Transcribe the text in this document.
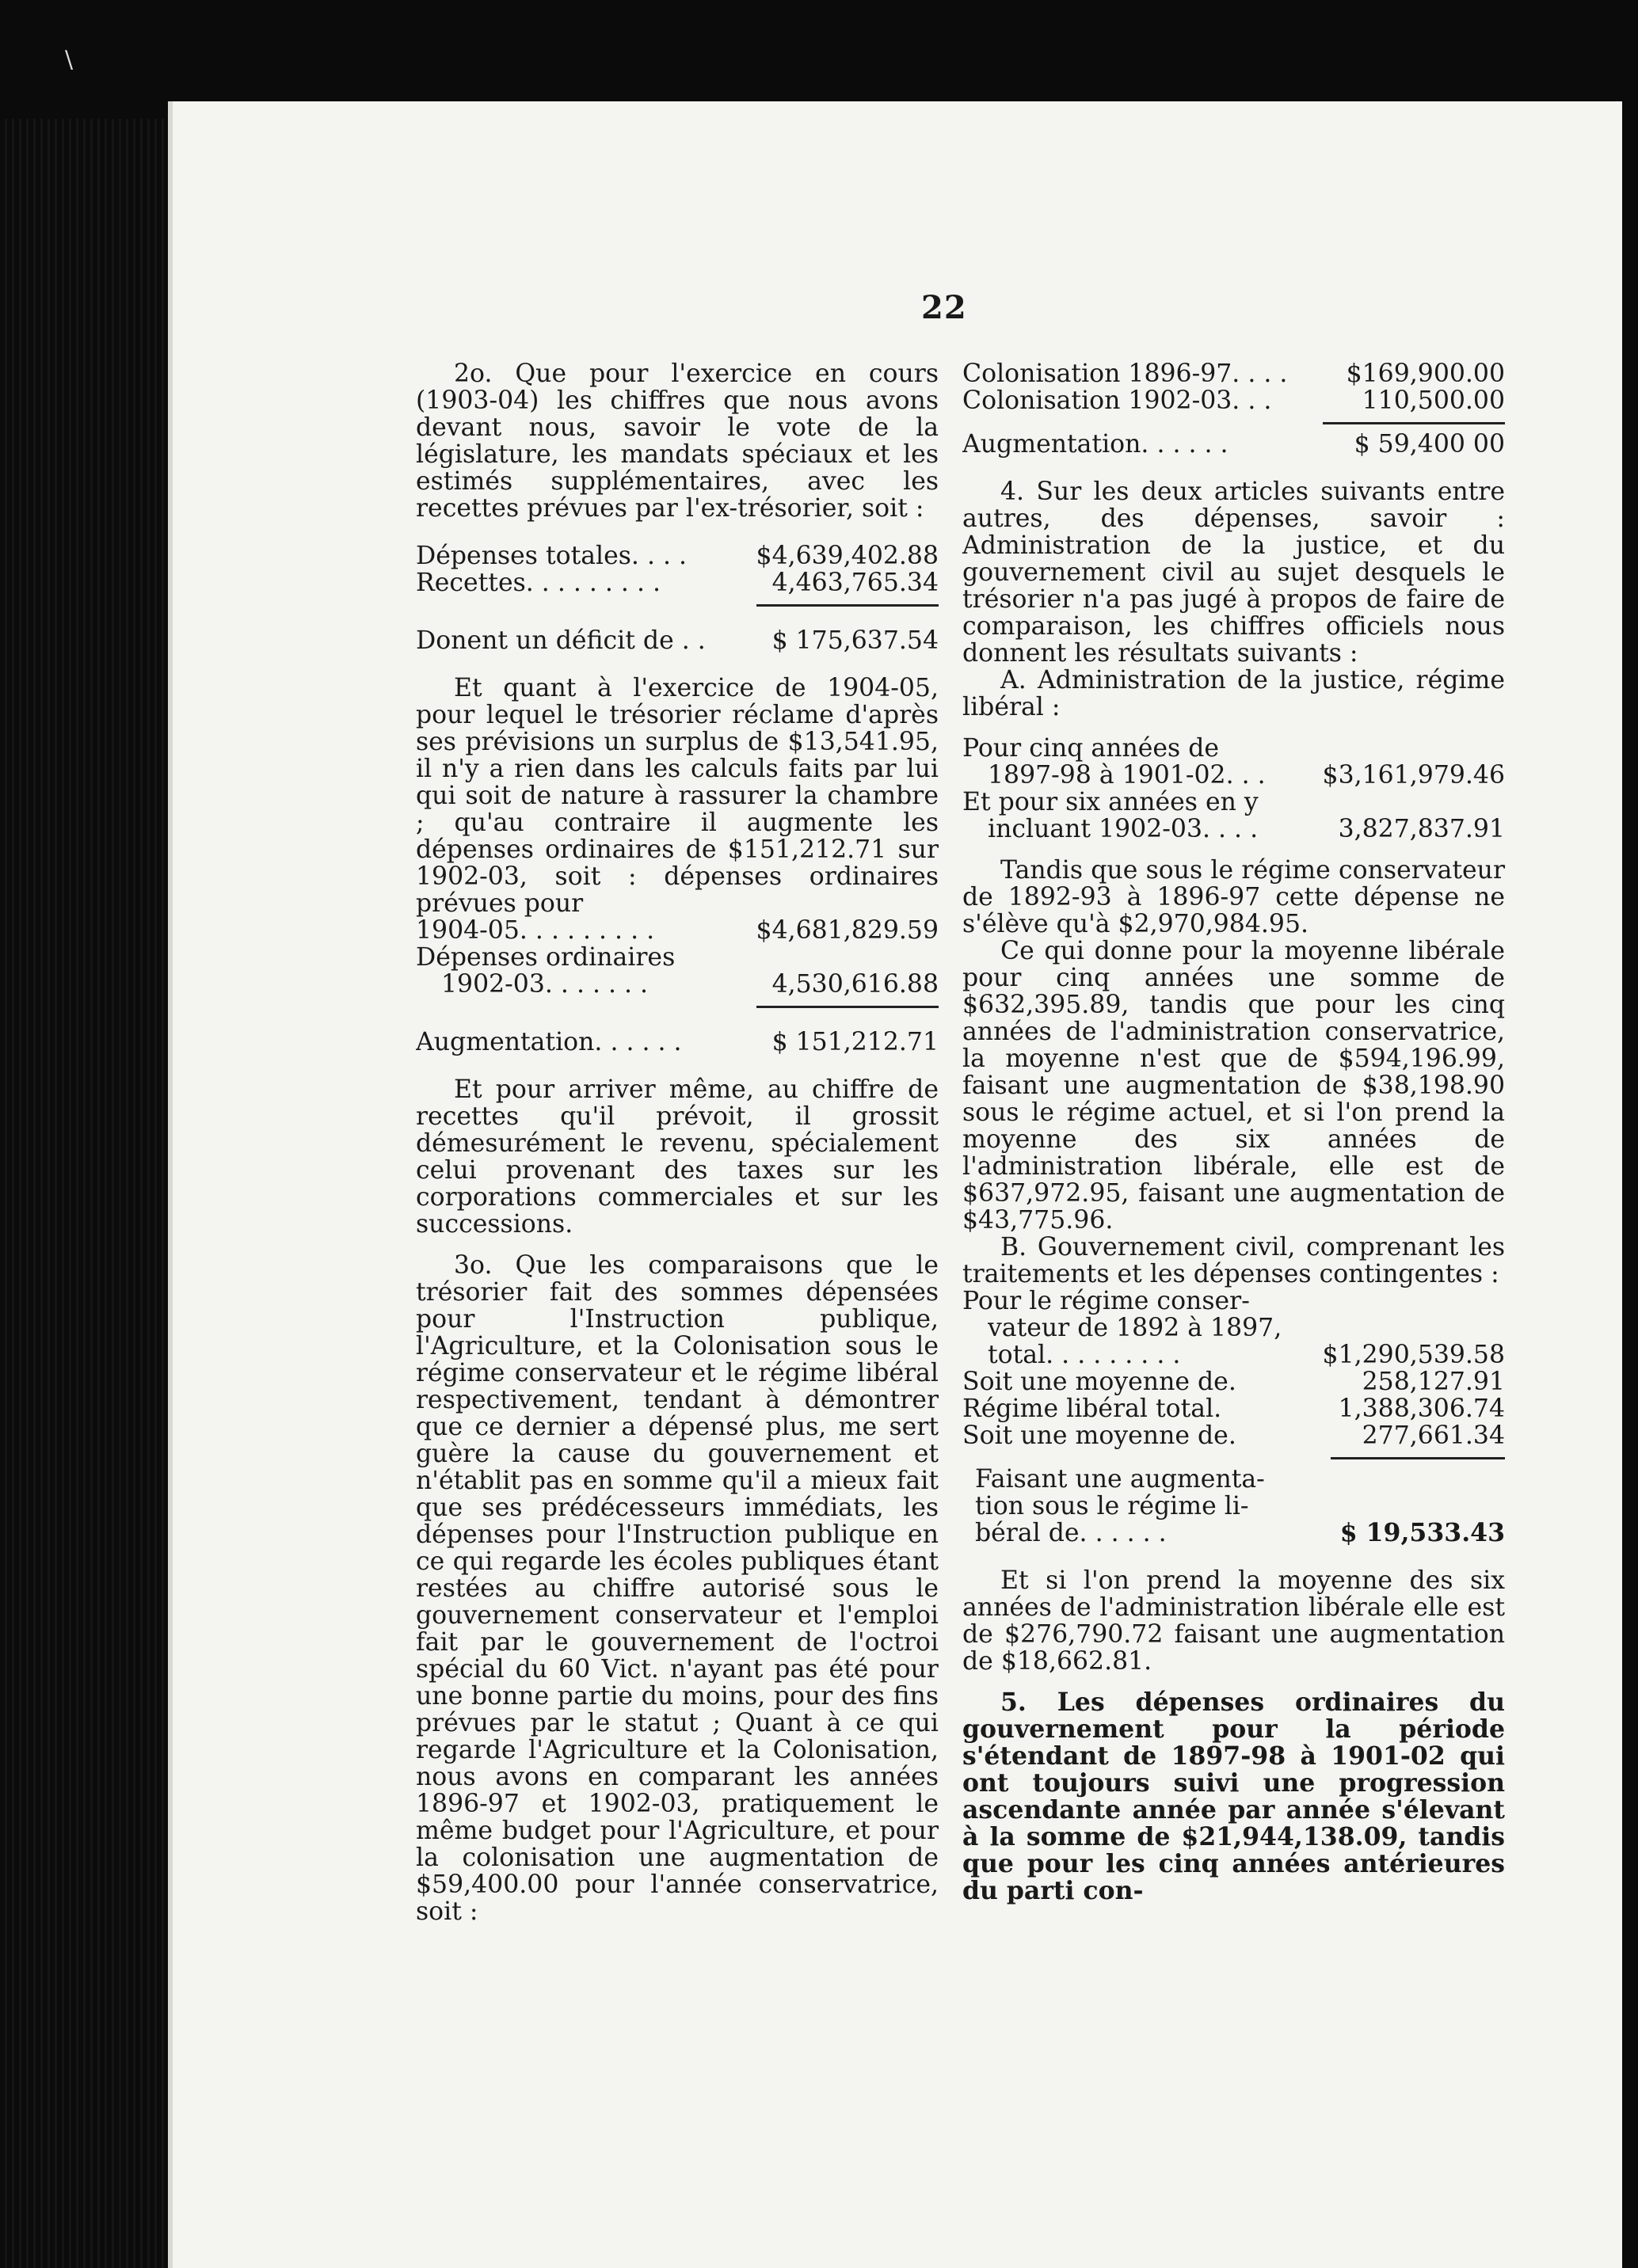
\
22

2o. Que pour l'exercice en cours (1903-04) les chiffres que nous avons devant nous, savoir le vote de la législature, les mandats spéciaux et les estimés supplémentaires, avec les recettes prévues par l'ex-trésorier, soit :

Dépenses totales. . . .	$4,639,402.88
Recettes. . . . . . . . .	4,463,765.34
Donent un déficit de . .	$ 175,637.54

Et quant à l'exercice de 1904-05, pour lequel le trésorier réclame d'après ses prévisions un surplus de $13,541.95, il n'y a rien dans les calculs faits par lui qui soit de nature à rassurer la chambre ; qu'au contraire il augmente les dépenses ordinaires de $151,212.71 sur 1902-03, soit : dépenses ordinaires prévues pour

1904-05. . . . . . . . .	$4,681,829.59
Dépenses ordinaires
1902-03. . . . . . .	4,530,616.88
Augmentation. . . . . .	$ 151,212.71

Et pour arriver même, au chiffre de recettes qu'il prévoit, il grossit démesurément le revenu, spécialement celui provenant des taxes sur les corporations commerciales et sur les successions.

3o. Que les comparaisons que le trésorier fait des sommes dépensées pour l'Instruction publique, l'Agriculture, et la Colonisation sous le régime conservateur et le régime libéral respectivement, tendant à démontrer que ce dernier a dépensé plus, me sert guère la cause du gouvernement et n'établit pas en somme qu'il a mieux fait que ses prédécesseurs immédiats, les dépenses pour l'Instruction publique en ce qui regarde les écoles publiques étant restées au chiffre autorisé sous le gouvernement conservateur et l'emploi fait par le gouvernement de l'octroi spécial du 60 Vict. n'ayant pas été pour une bonne partie du moins, pour des fins prévues par le statut ; Quant à ce qui regarde l'Agriculture et la Colonisation, nous avons en comparant les années 1896-97 et 1902-03, pratiquement le même budget pour l'Agriculture, et pour la colonisation une augmentation de $59,400.00 pour l'année conservatrice, soit :

Colonisation 1896-97. . . .	$169,900.00
Colonisation 1902-03. . .	110,500.00
Augmentation. . . . . .	$ 59,400 00

4. Sur les deux articles suivants entre autres, des dépenses, savoir : Administration de la justice, et du gouvernement civil au sujet desquels le trésorier n'a pas jugé à propos de faire de comparaison, les chiffres officiels nous donnent les résultats suivants :

A. Administration de la justice, régime libéral :

Pour cinq années de
1897-98 à 1901-02. . .	$3,161,979.46
Et pour six années en y
incluant 1902-03. . . .	3,827,837.91

Tandis que sous le régime conservateur de 1892-93 à 1896-97 cette dépense ne s'élève qu'à $2,970,984.95.

Ce qui donne pour la moyenne libérale pour cinq années une somme de $632,395.89, tandis que pour les cinq années de l'administration conservatrice, la moyenne n'est que de $594,196.99, faisant une augmentation de $38,198.90 sous le régime actuel, et si l'on prend la moyenne des six années de l'administration libérale, elle est de $637,972.95, faisant une augmentation de $43,775.96.

B. Gouvernement civil, comprenant les traitements et les dépenses contingentes :

Pour le régime conser-
vateur de 1892 à 1897,
total. . . . . . . . .	$1,290,539.58
Soit une moyenne de.	258,127.91
Régime libéral total.	1,388,306.74
Soit une moyenne de.	277,661.34
Faisant une augmenta-
tion sous le régime li-
béral de. . . . . .	$ 19,533.43

Et si l'on prend la moyenne des six années de l'administration libérale elle est de $276,790.72 faisant une augmentation de $18,662.81.

5. Les dépenses ordinaires du gouvernement pour la période s'étendant de 1897-98 à 1901-02 qui ont toujours suivi une progression ascendante année par année s'élevant à la somme de $21,944,138.09, tandis que pour les cinq années antérieures du parti con-
